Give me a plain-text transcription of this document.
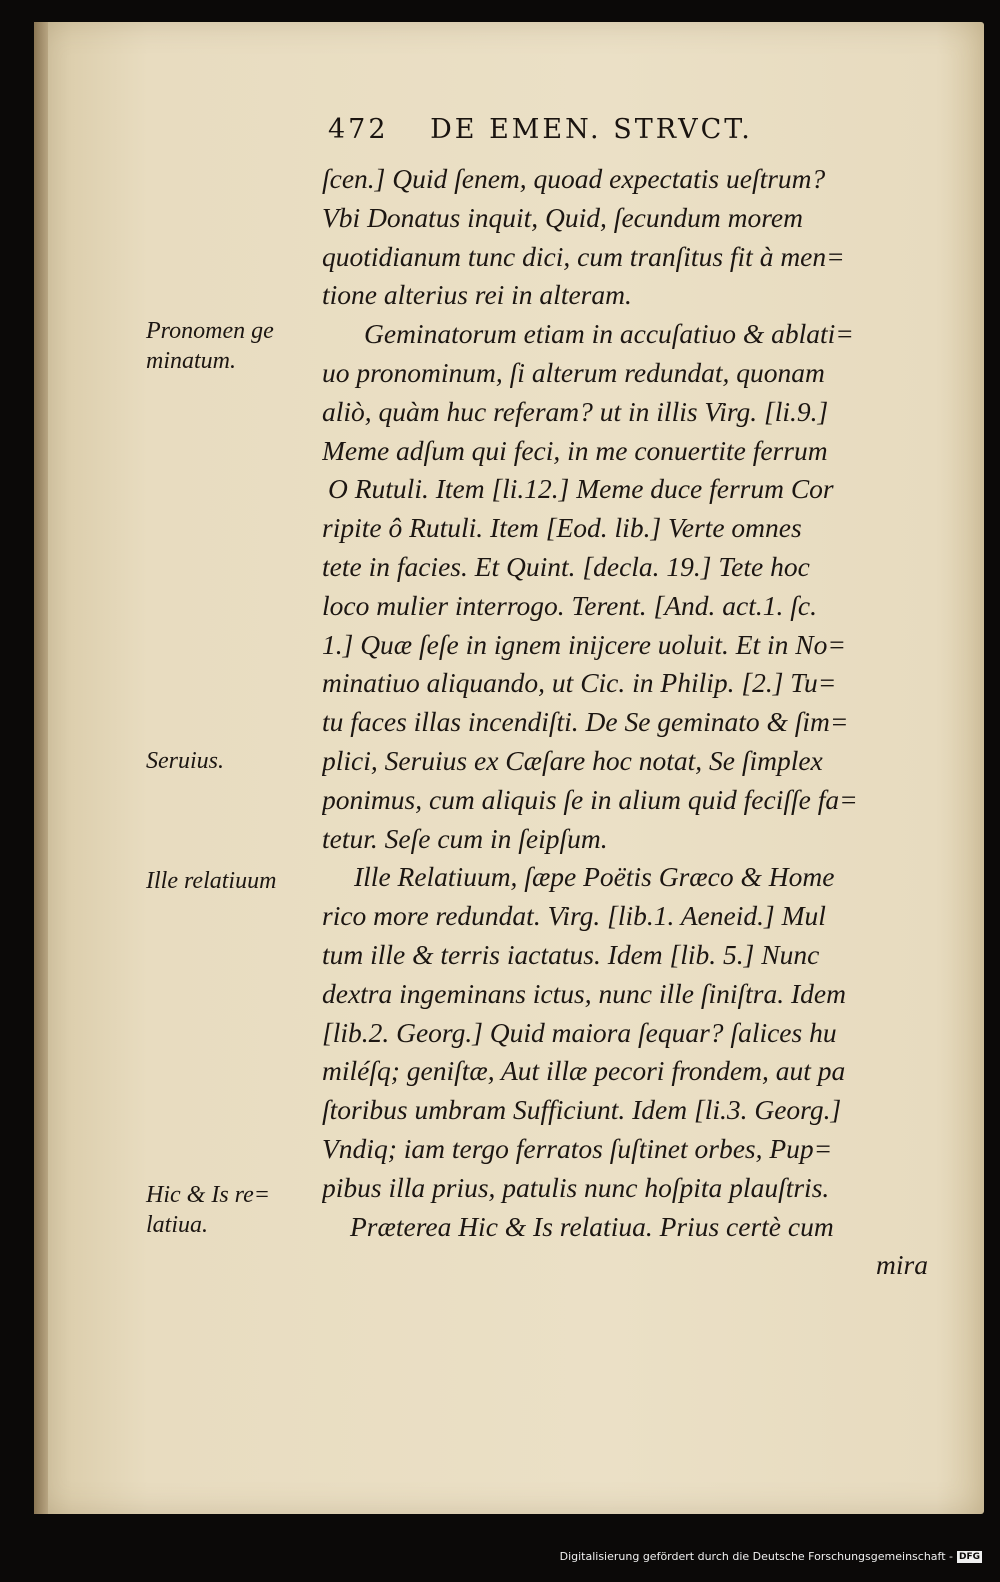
472 DE EMEN. STRVCT.
ſcen.] Quid ſenem, quoad expectatis ueſtrum?
Vbi Donatus inquit, Quid, ſecundum morem
quotidianum tunc dici, cum tranſitus fit à men=
tione alterius rei in alteram.
Geminatorum etiam in accuſatiuo & ablati=
uo pronominum, ſi alterum redundat, quonam
aliò, quàm huc referam? ut in illis Virg. [li.9.]
Meme adſum qui feci, in me conuertite ferrum
O Rutuli. Item [li.12.] Meme duce ferrum Cor
ripite ô Rutuli. Item [Eod. lib.] Verte omnes
tete in facies. Et Quint. [decla. 19.] Tete hoc
loco mulier interrogo. Terent. [And. act.1. ſc.
1.] Quæ ſeſe in ignem inijcere uoluit. Et in No=
minatiuo aliquando, ut Cic. in Philip. [2.] Tu=
tu faces illas incendiſti. De Se geminato & ſim=
plici, Seruius ex Cæſare hoc notat, Se ſimplex
ponimus, cum aliquis ſe in alium quid feciſſe fa=
tetur. Seſe cum in ſeipſum.
Ille Relatiuum, ſæpe Poëtis Græco & Home
rico more redundat. Virg. [lib.1. Aeneid.] Mul
tum ille & terris iactatus. Idem [lib. 5.] Nunc
dextra ingeminans ictus, nunc ille ſiniſtra. Idem
[lib.2. Georg.] Quid maiora ſequar? ſalices hu
miléſq; geniſtæ, Aut illæ pecori frondem, aut pa
ſtoribus umbram Sufficiunt. Idem [li.3. Georg.]
Vndiq; iam tergo ferratos ſuſtinet orbes, Pup=
pibus illa prius, patulis nunc hoſpita plauſtris.
Præterea Hic & Is relatiua. Prius certè cum
mira
Pronomen ge
minatum.
Seruius.
Ille relatiuum
Hic & Is re=
latiua.
Digitalisierung gefördert durch die Deutsche Forschungsgemeinschaft - DFG
